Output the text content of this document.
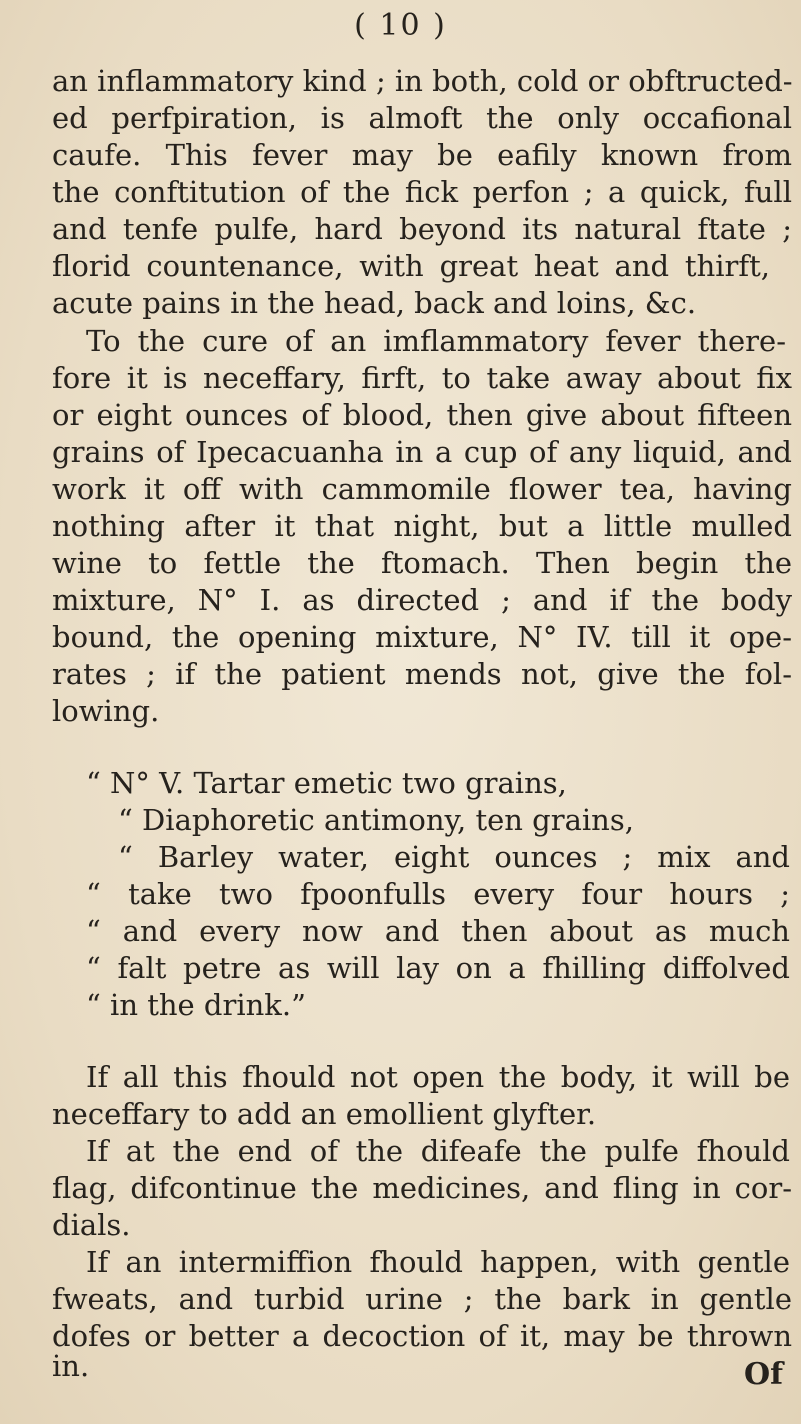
( 10 )
an inflammatory kind ; in both, cold or obftructed-
ed perfpiration, is almoft the only occafional
caufe. This fever may be eafily known from
the conftitution of the fick perfon ; a quick, full
and tenfe pulfe, hard beyond its natural ftate ;
florid countenance, with great heat and thirft,
acute pains in the head, back and loins, &c.
To the cure of an imflammatory fever there-
fore it is neceffary, firft, to take away about fix
or eight ounces of blood, then give about fifteen
grains of Ipecacuanha in a cup of any liquid, and
work it off with cammomile flower tea, having
nothing after it that night, but a little mulled
wine to fettle the ftomach. Then begin the
mixture, N° I. as directed ; and if the body
bound, the opening mixture, N° IV. till it ope-
rates ; if the patient mends not, give the fol-
lowing.
“ N° V. Tartar emetic two grains,
“ Diaphoretic antimony, ten grains,
“ Barley water, eight ounces ; mix and
“ take two fpoonfulls every four hours ;
“ and every now and then about as much
“ falt petre as will lay on a fhilling diffolved
“ in the drink.”
If all this fhould not open the body, it will be
neceffary to add an emollient glyfter.
If at the end of the difeafe the pulfe fhould
flag, difcontinue the medicines, and fling in cor-
dials.
If an intermiffion fhould happen, with gentle
fweats, and turbid urine ; the bark in gentle
dofes or better a decoction of it, may be thrown
in.	Of
